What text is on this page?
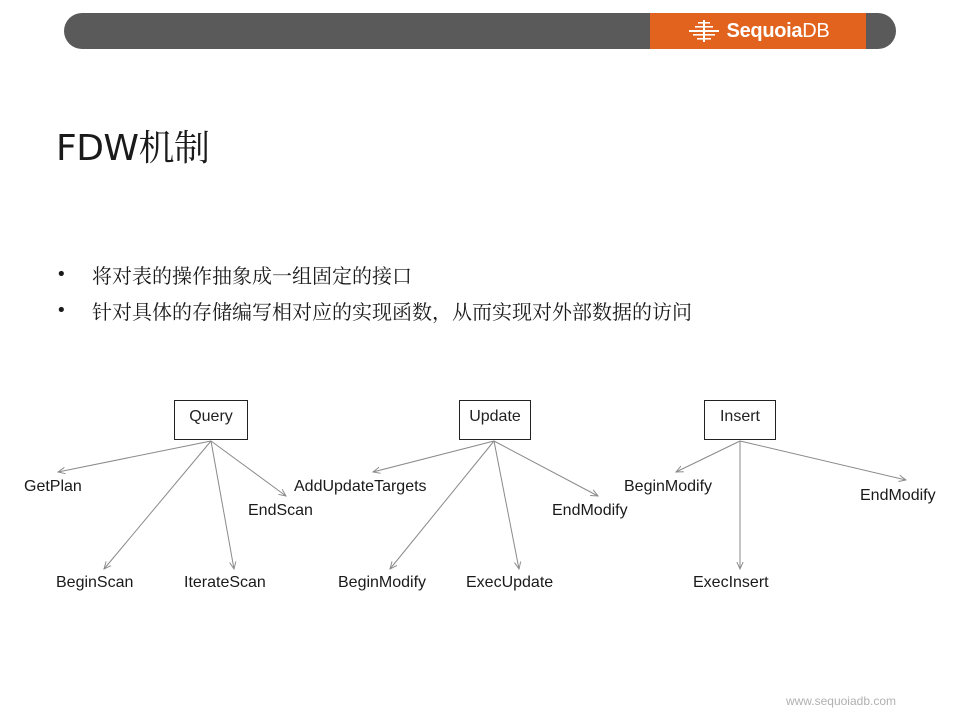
SequoiaDB
FDW机制
•	将对表的操作抽象成一组固定的接口
•	针对具体的存储编写相对应的实现函数，从而实现对外部数据的访问
Query	Update	Insert
GetPlan
BeginScan	IterateScan
EndScan
AddUpdateTargets
BeginModify ExecUpdate
EndModify
BeginModify
ExecInsert
EndModify
www.sequoiadb.com
